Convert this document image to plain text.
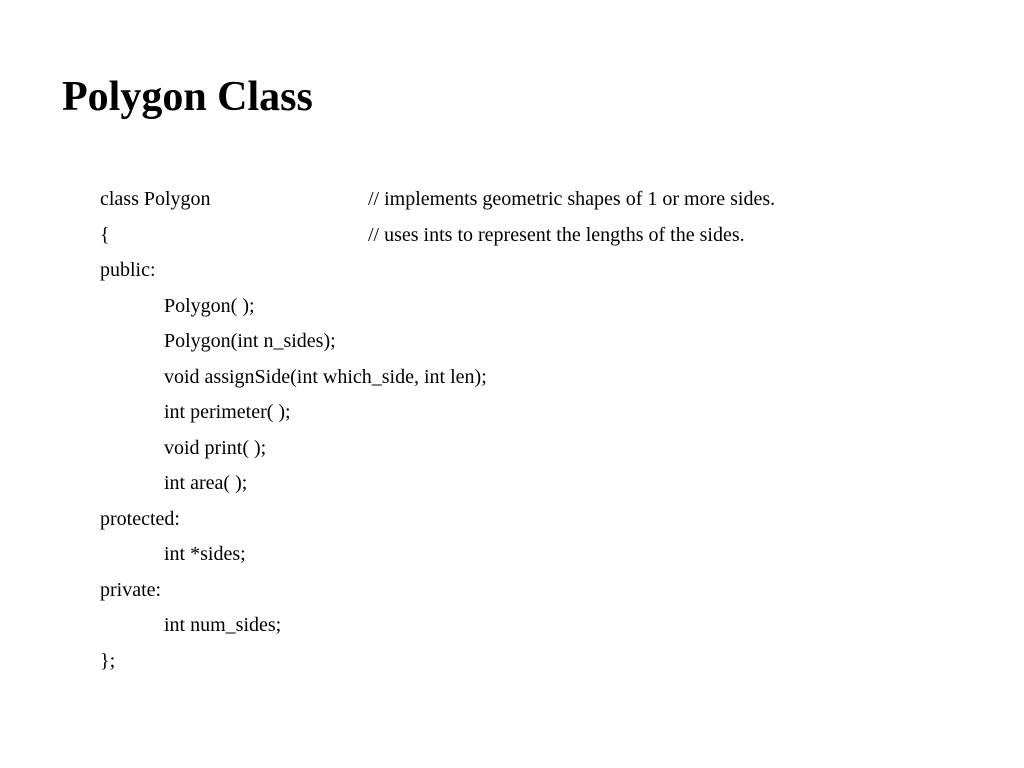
Polygon Class
class Polygon	// implements geometric shapes of 1 or more sides.
{	// uses ints to represent the lengths of the sides.
public:
Polygon( );
Polygon(int n_sides);
void assignSide(int which_side, int len);
int perimeter( );
void print( );
int area( );
protected:
int *sides;
private:
int num_sides;
};
